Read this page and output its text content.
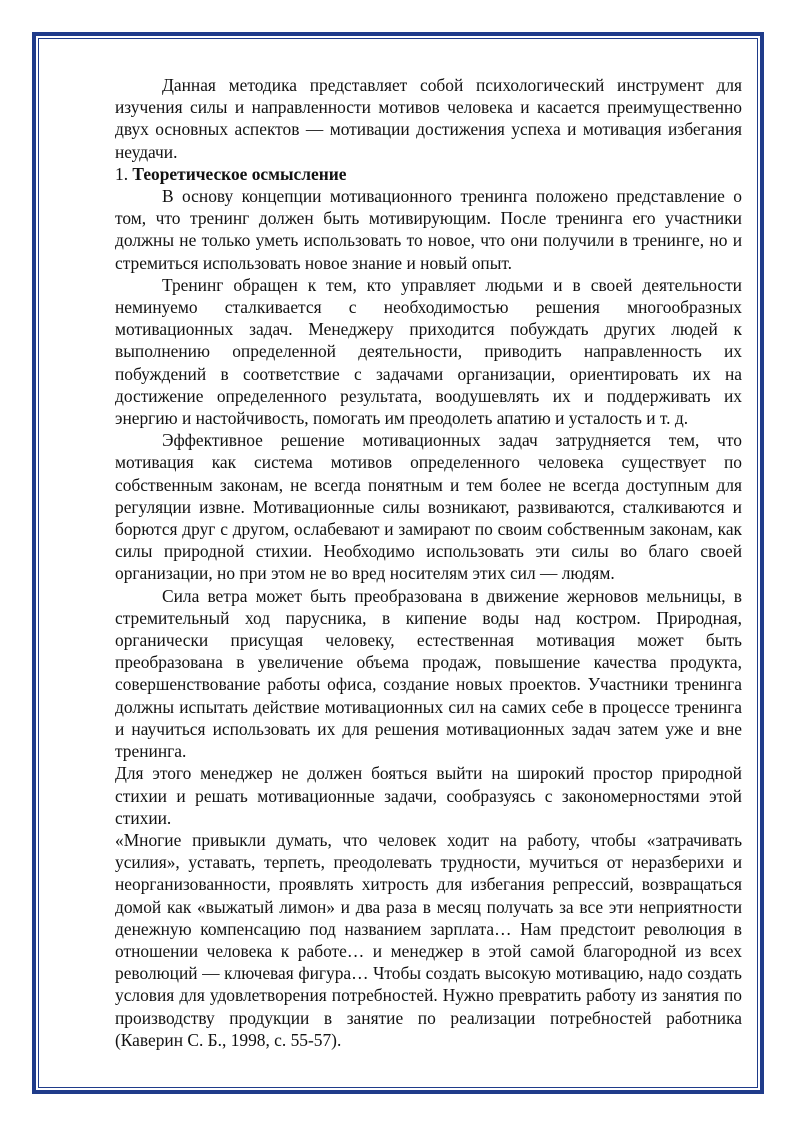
Данная методика представляет собой психологический инструмент для изучения силы и направленности мотивов человека и касается преимущественно двух основных аспектов — мотивации достижения успеха и мотивация избегания неудачи.

1. Теоретическое осмысление

В основу концепции мотивационного тренинга положено представление о том, что тренинг должен быть мотивирующим. После тренинга его участники должны не только уметь использовать то новое, что они получили в тренинге, но и стремиться использовать новое знание и новый опыт.

Тренинг обращен к тем, кто управляет людьми и в своей деятельности неминуемо сталкивается с необходимостью решения многообразных мотивационных задач. Менеджеру приходится побуждать других людей к выполнению определенной деятельности, приводить направленность их побуждений в соответствие с задачами организации, ориентировать их на достижение определенного результата, воодушевлять их и поддерживать их энергию и настойчивость, помогать им преодолеть апатию и усталость и т. д.

Эффективное решение мотивационных задач затрудняется тем, что мотивация как система мотивов определенного человека существует по собственным законам, не всегда понятным и тем более не всегда доступным для регуляции извне. Мотивационные силы возникают, развиваются, сталкиваются и борются друг с другом, ослабевают и замирают по своим собственным законам, как силы природной стихии. Необходимо использовать эти силы во благо своей организации, но при этом не во вред носителям этих сил — людям.

Сила ветра может быть преобразована в движение жерновов мельницы, в стремительный ход парусника, в кипение воды над костром. Природная, органически присущая человеку, естественная мотивация может быть преобразована в увеличение объема продаж, повышение качества продукта, совершенствование работы офиса, создание новых проектов. Участники тренинга должны испытать действие мотивационных сил на самих себе в процессе тренинга и научиться использовать их для решения мотивационных задач затем уже и вне тренинга.

Для этого менеджер не должен бояться выйти на широкий простор природной стихии и решать мотивационные задачи, сообразуясь с закономерностями этой стихии.

«Многие привыкли думать, что человек ходит на работу, чтобы «затрачивать усилия», уставать, терпеть, преодолевать трудности, мучиться от неразберихи и неорганизованности, проявлять хитрость для избегания репрессий, возвращаться домой как «выжатый лимон» и два раза в месяц получать за все эти неприятности денежную компенсацию под названием зарплата… Нам предстоит революция в отношении человека к работе… и менеджер в этой самой благородной из всех революций — ключевая фигура… Чтобы создать высокую мотивацию, надо создать условия для удовлетворения потребностей. Нужно превратить работу из занятия по производству продукции в занятие по реализации потребностей работника (Каверин С. Б., 1998, с. 55-57).
